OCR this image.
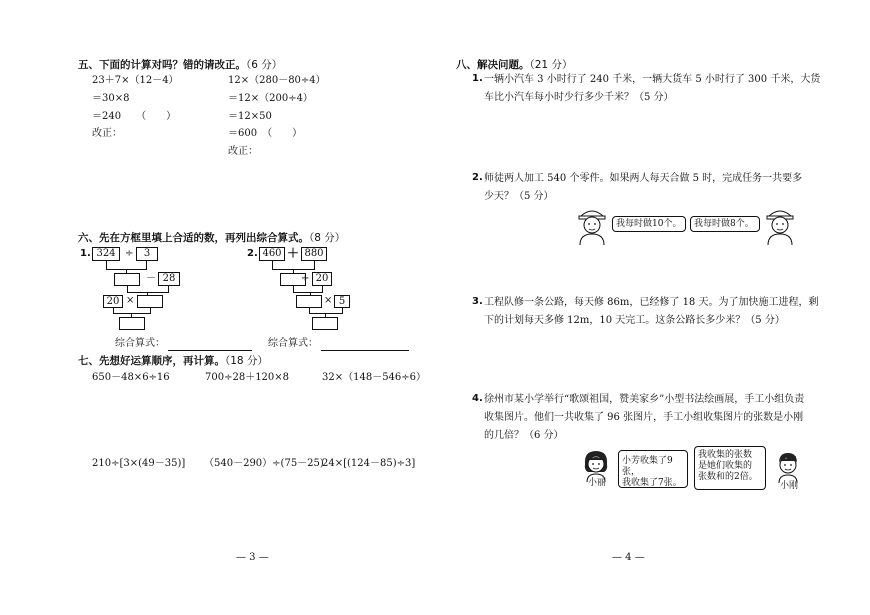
五、下面的计算对吗？错的请改正。（6 分）
23＋7×（12－4）
＝30×8
＝240　　（　　）
改正：
12×（280－80÷4）
＝12×（200÷4）
＝12×50
＝600　（　　）
改正：
六、先在方框里填上合适的数，再列出综合算式。（8 分）
1. 324 ÷	3
－ 28
20 ×
综合算式：
2. 460 ＋ 880
÷ 20
× 5
综合算式：
七、先想好运算顺序，再计算。（18 分）
650－48×6÷16	700÷28＋120×8	32×（148－546÷6）
210÷[3×(49－35)] （540－290）÷(75－25)
24×[(124－85)÷3]
— 3 —
八、解决问题。（21 分）
1. 一辆小汽车 3 小时行了 240 千米，一辆大货车 5 小时行了 300 千米，大货
车比小汽车每小时少行多少千米？（5 分）
2. 师徒两人加工 540 个零件。如果两人每天合做 5 时，完成任务一共要多
少天？（5 分）
我每时做10个。	我每时做8个。
3. 工程队修一条公路，每天修 86m，已经修了 18 天。为了加快施工进程，剩
下的计划每天多修 12m，10 天完工。这条公路长多少米？（5 分）
4. 徐州市某小学举行“歌颂祖国，赞美家乡”小型书法绘画展，手工小组负责
收集图片。他们一共收集了 96 张图片，手工小组收集图片的张数是小刚
的几倍？（6 分）
小丽
小芳收集了9张，
我收集了7张。
我收集的张数
是她们收集的
张数和的2倍。
小刚
— 4 —
